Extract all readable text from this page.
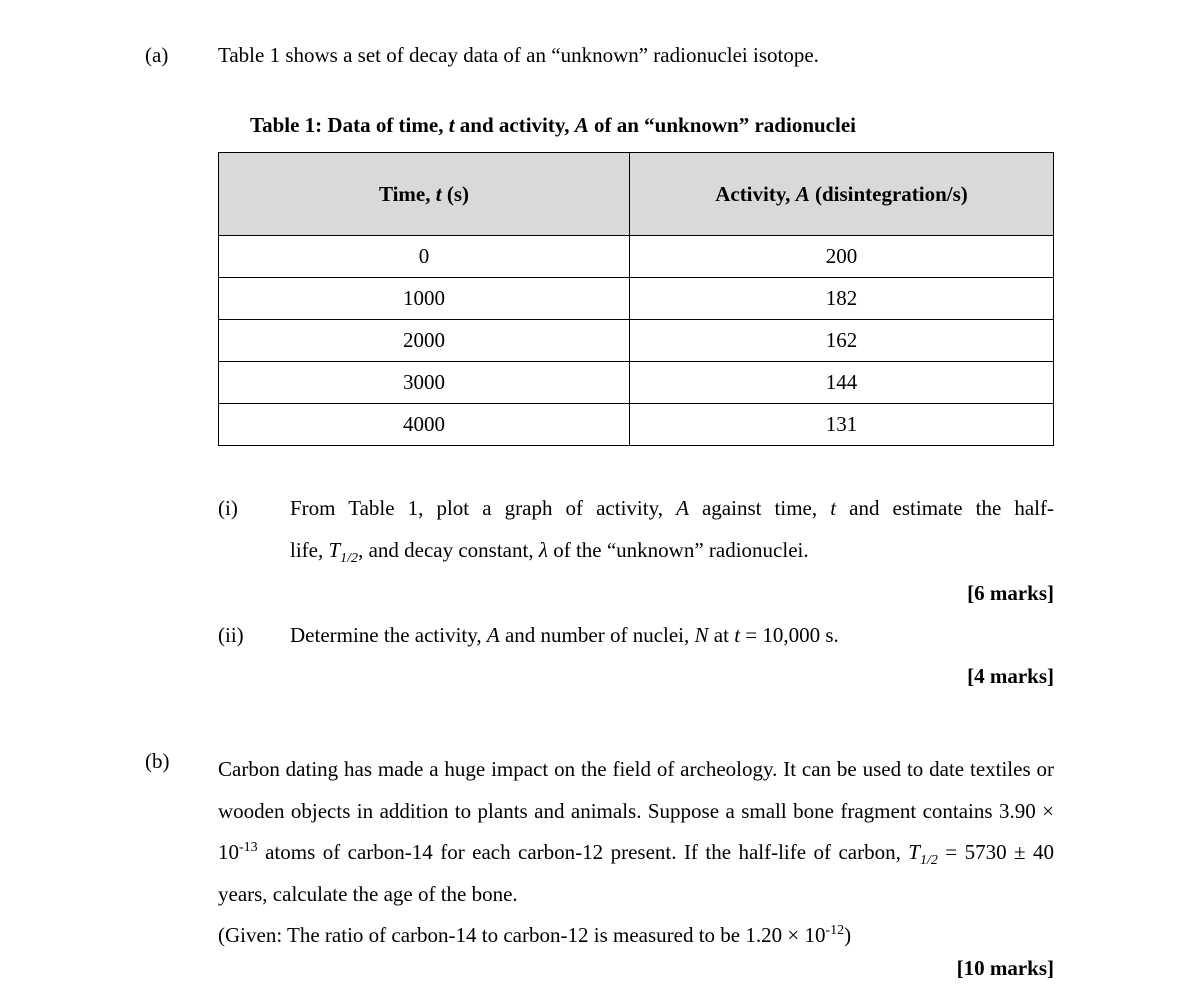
(a) Table 1 shows a set of decay data of an “unknown” radionuclei isotope.
Table 1: Data of time, t and activity, A of an “unknown” radionuclei
Time, t (s)	Activity, A (disintegration/s)
0	200
1000	182
2000	162
3000	144
4000	131
(i) From Table 1, plot a graph of activity, A against time, t and estimate the half-
life, $T_{1/2}$, and decay constant, λ of the “unknown” radionuclei.
[6 marks]
(ii) Determine the activity, A and number of nuclei, N at t = 10,000 s.
[4 marks]
(b) Carbon dating has made a huge impact on the field of archeology. It can be used to date textiles or wooden objects in addition to plants and animals. Suppose a small bone fragment contains $3.90 \times 10^{-13}$ atoms of carbon-14 for each carbon-12 present. If the half-life of carbon, $T_{1/2} = 5730 \pm 40$ years, calculate the age of the bone.

(Given: The ratio of carbon-14 to carbon-12 is measured to be $1.20 \times 10^{-12}$)

[10 marks]
